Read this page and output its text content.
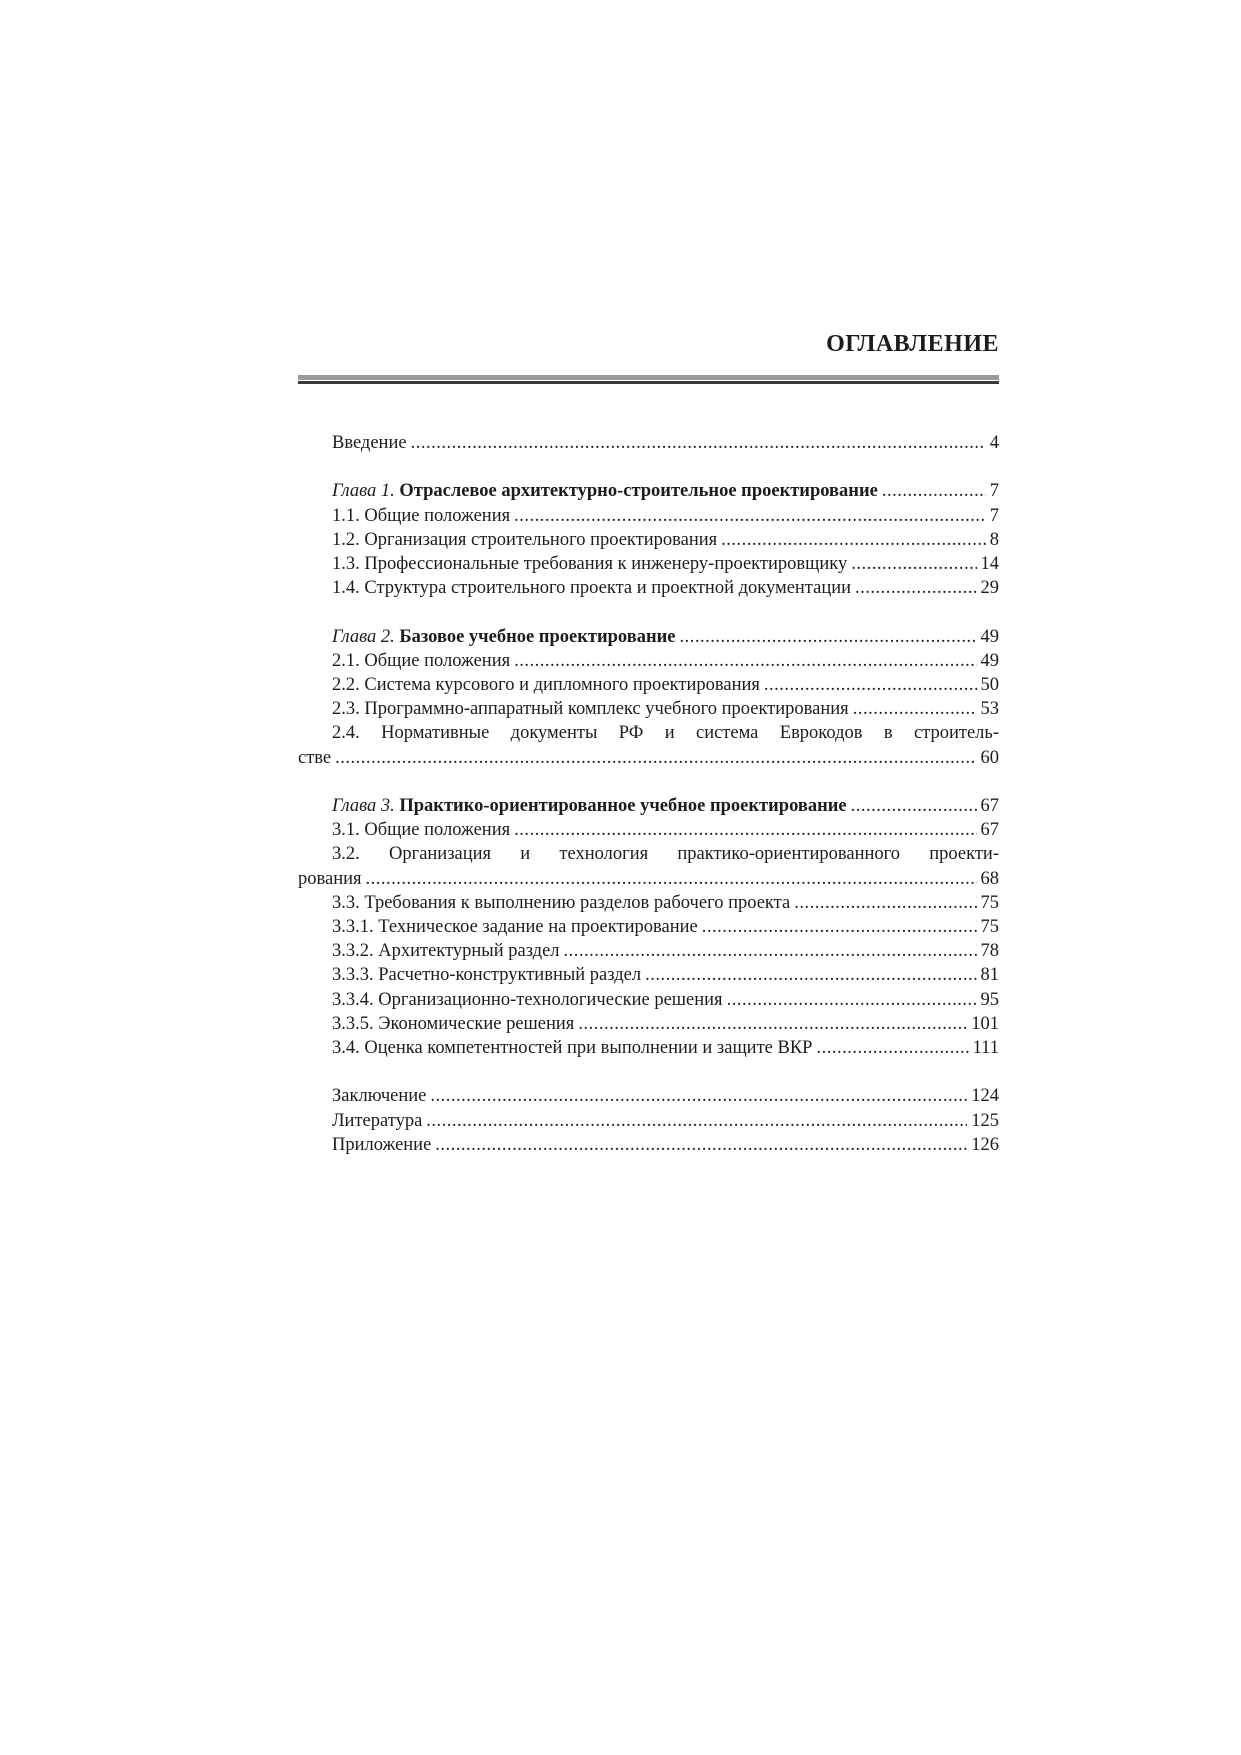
ОГЛАВЛЕНИЕ
Введение .....	4
Глава 1. Отраслевое архитектурно-строительное проектирование .....	7
1.1. Общие положения .....	7
1.2. Организация строительного проектирования .....	8
1.3. Профессиональные требования к инженеру-проектировщику .....	14
1.4. Структура строительного проекта и проектной документации .....	29
Глава 2. Базовое учебное проектирование .....	49
2.1. Общие положения .....	49
2.2. Система курсового и дипломного проектирования .....	50
2.3. Программно-аппаратный комплекс учебного проектирования .....	53
2.4. Нормативные документы РФ и система Еврокодов в строитель-
стве .....	60
Глава 3. Практико-ориентированное учебное проектирование .....	67
3.1. Общие положения .....	67
3.2. Организация и технология практико-ориентированного проекти-
рования .....	68
3.3. Требования к выполнению разделов рабочего проекта .....	75
3.3.1. Техническое задание на проектирование .....	75
3.3.2. Архитектурный раздел .....	78
3.3.3. Расчетно-конструктивный раздел .....	81
3.3.4. Организационно-технологические решения .....	95
3.3.5. Экономические решения .....	101
3.4. Оценка компетентностей при выполнении и защите ВКР .....	111
Заключение .....	124
Литература .....	125
Приложение .....	126
